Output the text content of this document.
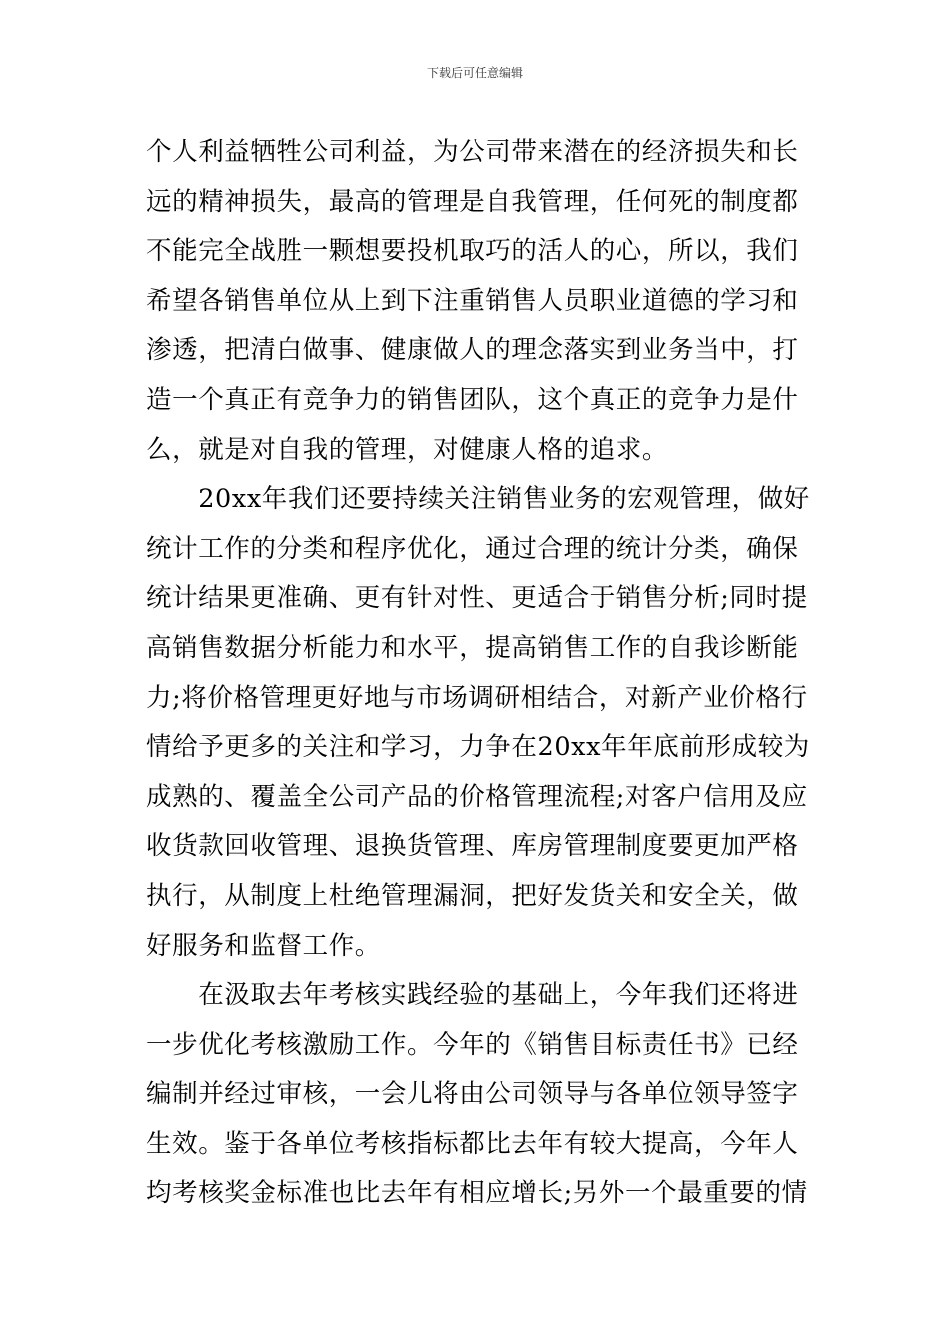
下载后可任意编辑
个人利益牺牲公司利益，为公司带来潜在的经济损失和长
远的精神损失，最高的管理是自我管理，任何死的制度都
不能完全战胜一颗想要投机取巧的活人的心，所以，我们
希望各销售单位从上到下注重销售人员职业道德的学习和
渗透，把清白做事、健康做人的理念落实到业务当中，打
造一个真正有竞争力的销售团队，这个真正的竞争力是什
么，就是对自我的管理，对健康人格的追求。
　　20xx年我们还要持续关注销售业务的宏观管理，做好
统计工作的分类和程序优化，通过合理的统计分类，确保
统计结果更准确、更有针对性、更适合于销售分析;同时提
高销售数据分析能力和水平，提高销售工作的自我诊断能
力;将价格管理更好地与市场调研相结合，对新产业价格行
情给予更多的关注和学习，力争在20xx年年底前形成较为
成熟的、覆盖全公司产品的价格管理流程;对客户信用及应
收货款回收管理、退换货管理、库房管理制度要更加严格
执行，从制度上杜绝管理漏洞，把好发货关和安全关，做
好服务和监督工作。
　　在汲取去年考核实践经验的基础上，今年我们还将进
一步优化考核激励工作。今年的《销售目标责任书》已经
编制并经过审核，一会儿将由公司领导与各单位领导签字
生效。鉴于各单位考核指标都比去年有较大提高，今年人
均考核奖金标准也比去年有相应增长;另外一个最重要的情
